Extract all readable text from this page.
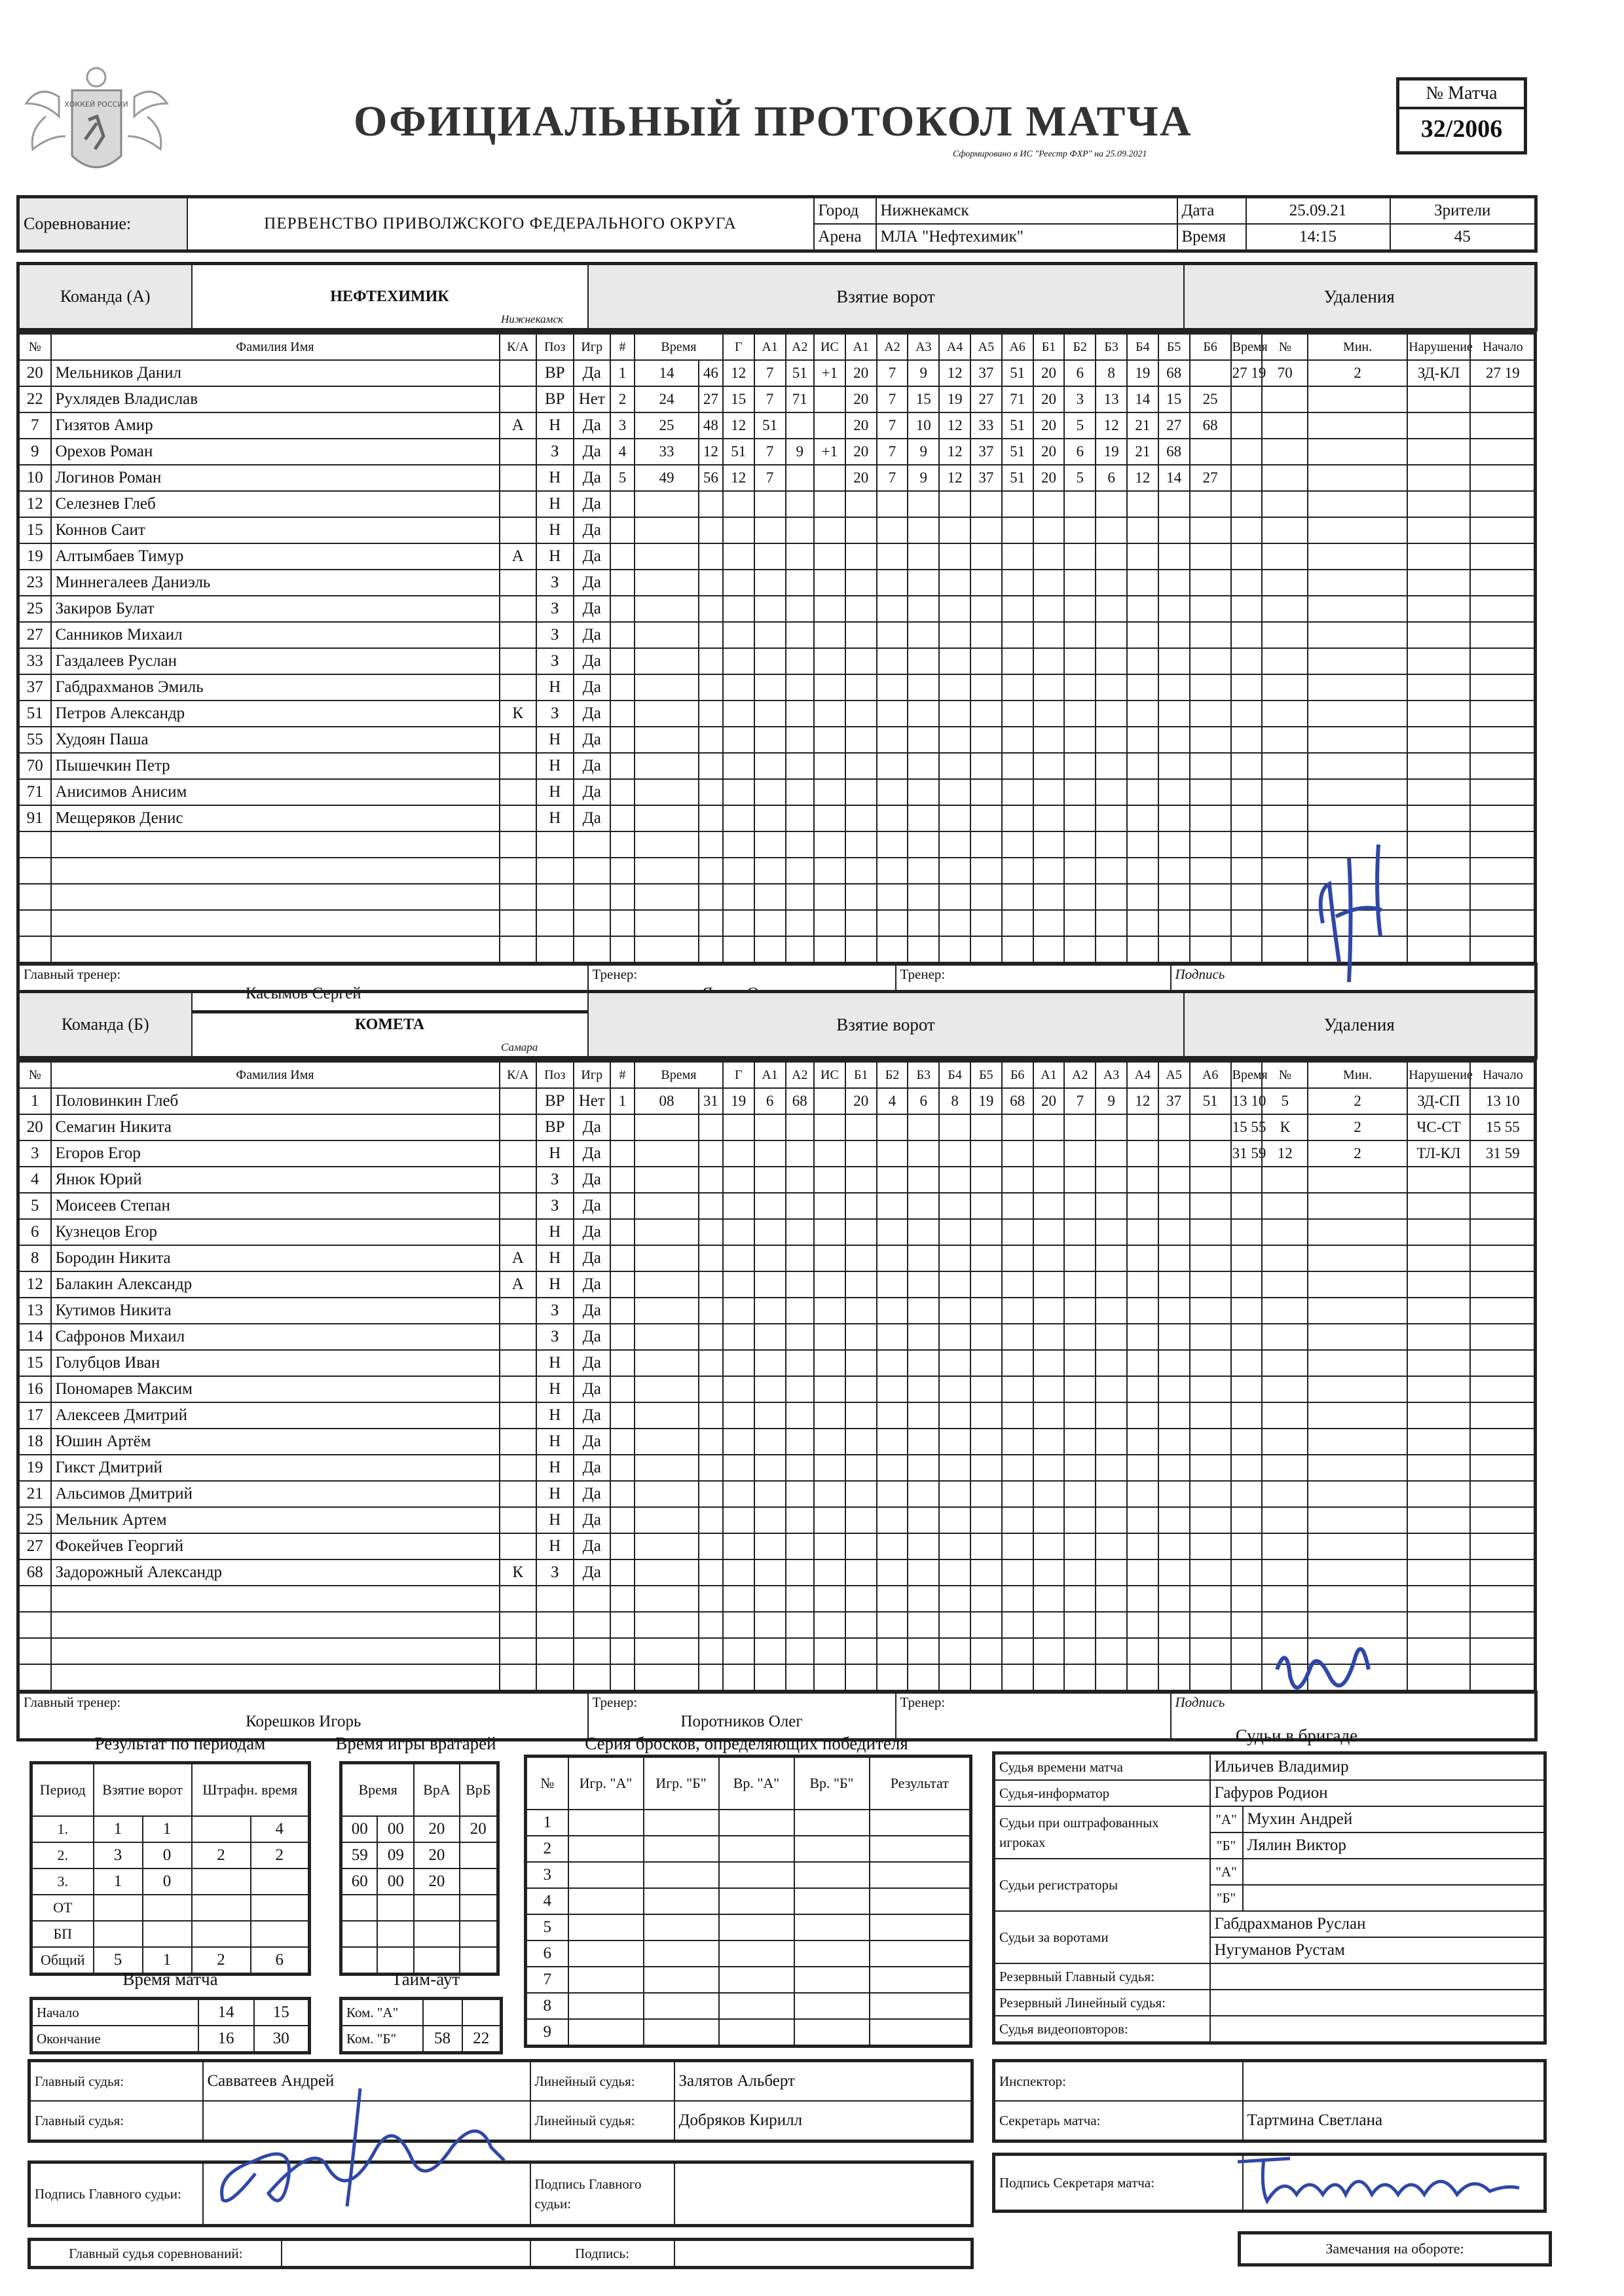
ХОККЕЙ РОССИИ	ОФИЦИАЛЬНЫЙ ПРОТОКОЛ МАТЧА
Сформировано в ИС "Реестр ФХР" на 25.09.2021
№ Матча
32/2006
Соревнование:	ПЕРВЕНСТВО ПРИВОЛЖСКОГО ФЕДЕРАЛЬНОГО ОКРУГА	Город	Нижнекамск	Дата	25.09.21	Зрители
		Арена	МЛА "Нефтехимик"	Время	14:15	45
Команда (А)	НЕФТЕХИМИК	Взятие ворот	Удаления
Нижнекамск
№	Фамилия Имя	К/А	Поз	Игр	#	Время		Г	А1	А2	ИС	А1	А2	А3	А4	А5	А6	Б1	Б2	Б3	Б4	Б5	Б6	Время	№	Мин.	Нарушение	Начало	
20	Мельников Данил		ВР	Да	1	14	46	12	7	51	+1	20	7	9	12	37	51	20	6	8	19	68		27 19	70	2	ЗД-КЛ	27 19	
22	Рухлядев Владислав		ВР	Нет	2	24	27	15	7	71		20	7	15	19	27	71	20	3	13	14	15	25						
7	Гизятов Амир	А	Н	Да	3	25	48	12	51			20	7	10	12	33	51	20	5	12	21	27	68						
9	Орехов Роман		З	Да	4	33	12	51	7	9	+1	20	7	9	12	37	51	20	6	19	21	68							
10	Логинов Роман		Н	Да	5	49	56	12	7			20	7	9	12	37	51	20	5	6	12	14	27						
12	Селезнев Глеб		Н	Да																									
15	Коннов Саит		Н	Да																									
19	Алтымбаев Тимур	А	Н	Да																									
23	Миннегалеев Даниэль		З	Да																									
25	Закиров Булат		З	Да																									
27	Санников Михаил		З	Да																									
33	Газдалеев Руслан		З	Да																									
37	Габдрахманов Эмиль		Н	Да																									
51	Петров Александр	К	З	Да																									
55	Худоян Паша		Н	Да																									
70	Пышечкин Петр		Н	Да																									
71	Анисимов Анисим		Н	Да																									
91	Мещеряков Денис		Н	Да																									

Главный тренер:
Касымов Сергей

Тренер:	Тренер:	Подпись
Команда (Б)	КОМЕТА	Взятие ворот	Удаления
Самара
№	Фамилия Имя	К/А	Поз	Игр	#	Время		Г	А1	А2	ИС	Б1	Б2	Б3	Б4	Б5	Б6	А1	А2	А3	А4	А5	А6	Время	№	Мин.	Нарушение	Начало	
1	Половинкин Глеб		ВР	Нет	1	08	31	19	6	68		20	4	6	8	19	68	20	7	9	12	37	51	13 10	5	2	ЗД-СП	13 10	
20	Семагин Никита		ВР	Да																				15 55	К	2	ЧС-СТ	15 55	
3	Егоров Егор		Н	Да																				31 59	12	2	ТЛ-КЛ	31 59	
4	Янюк Юрий		З	Да																									
5	Моисеев Степан		З	Да																									
6	Кузнецов Егор		Н	Да																									
8	Бородин Никита	А	Н	Да																									
12	Балакин Александр	А	Н	Да																									
13	Кутимов Никита		З	Да																									
14	Сафронов Михаил		З	Да																									
15	Голубцов Иван		Н	Да																									
16	Пономарев Максим		Н	Да																									
17	Алексеев Дмитрий		Н	Да																									
18	Юшин Артём		Н	Да																									
19	Гикст Дмитрий		Н	Да																									
21	Альсимов Дмитрий		Н	Да																									
25	Мельник Артем		Н	Да																									
27	Фокейчев Георгий		Н	Да																									
68	Задорожный Александр	К	З	Да																									

Главный тренер:
Корешков Игорь

Тренер:
Поротников Олег

Тренер:	Подпись
Результат по периодам
Период	Взятие ворот		Штрафн. время	
1.	1	1		4
2.	3	0	2	2
3.	1	0		
ОТ				
БП				
Общий	5	1	2	6
Время игры вратарей
Время		ВрА	ВрБ
00	00	20	20
59	09	20	
60	00	20	

Время матча
Начало	14	15
Окончание	16	30
Тайм-аут
Ком. "А"		
Ком. "Б"	58	22
Серия бросков, определяющих победителя
№	Игр. "А"	Игр. "Б"	Вр. "А"	Вр. "Б"	Результат
1					
2					
3					
4					
5					
6					
7					
8					
9					
Судьи в бригаде
Судья времени матча	Ильичев Владимир	
Судья-информатор	Гафуров Родион	
Судьи при оштрафованных игроках	"А"	Мухин Андрей
	"Б"	Лялин Виктор
Судьи регистраторы	"А"	
	"Б"	
Судьи за воротами	Габдрахманов Руслан	
	Нугуманов Рустам	
Резервный Главный судья:		
Резервный Линейный судья:		
Судья видеоповторов:		
Главный судья:	Савватеев Андрей	Линейный судья:	Залятов Альберт
Главный судья:		Линейный судья:	Добряков Кирилл
Инспектор:	
Секретарь матча:	Тартмина Светлана
Подпись Главного судьи:		Подпись Главного судьи:	
Подпись Секретаря матча:	
Главный судья соревнований:		Подпись:		Замечания на обороте:
